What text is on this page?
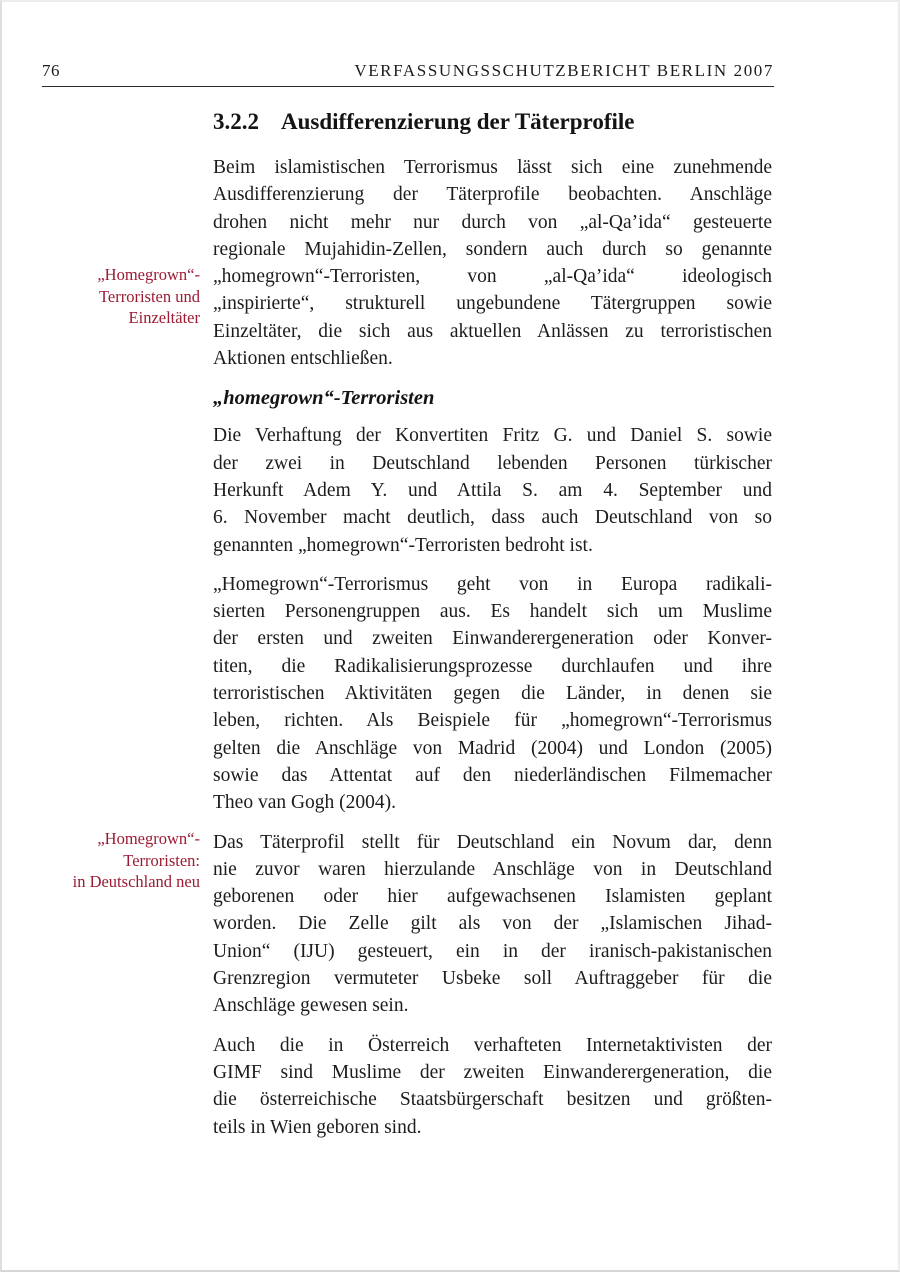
76	VERFASSUNGSSCHUTZBERICHT BERLIN 2007
„Homegrown“-
Terroristen und
Einzeltäter
„Homegrown“-
Terroristen:
in Deutschland neu
3.2.2 Ausdifferenzierung der Täterprofile
Beim islamistischen Terrorismus lässt sich eine zunehmende
Ausdifferenzierung der Täterprofile beobachten. Anschläge
drohen nicht mehr nur durch von „al-Qa’ida“ gesteuerte
regionale Mujahidin-Zellen, sondern auch durch so genannte
„homegrown“-Terroristen, von „al-Qa’ida“ ideologisch
„inspirierte“, strukturell ungebundene Tätergruppen sowie
Einzeltäter, die sich aus aktuellen Anlässen zu terroristischen
Aktionen entschließen.
„homegrown“-Terroristen
Die Verhaftung der Konvertiten Fritz G. und Daniel S. sowie
der zwei in Deutschland lebenden Personen türkischer
Herkunft Adem Y. und Attila S. am 4. September und
6. November macht deutlich, dass auch Deutschland von so
genannten „homegrown“-Terroristen bedroht ist.
„Homegrown“-Terrorismus geht von in Europa radikali-
sierten Personengruppen aus. Es handelt sich um Muslime
der ersten und zweiten Einwanderergeneration oder Konver-
titen, die Radikalisierungsprozesse durchlaufen und ihre
terroristischen Aktivitäten gegen die Länder, in denen sie
leben, richten. Als Beispiele für „homegrown“-Terrorismus
gelten die Anschläge von Madrid (2004) und London (2005)
sowie das Attentat auf den niederländischen Filmemacher
Theo van Gogh (2004).
Das Täterprofil stellt für Deutschland ein Novum dar, denn
nie zuvor waren hierzulande Anschläge von in Deutschland
geborenen oder hier aufgewachsenen Islamisten geplant
worden. Die Zelle gilt als von der „Islamischen Jihad-
Union“ (IJU) gesteuert, ein in der iranisch-pakistanischen
Grenzregion vermuteter Usbeke soll Auftraggeber für die
Anschläge gewesen sein.
Auch die in Österreich verhafteten Internetaktivisten der
GIMF sind Muslime der zweiten Einwanderergeneration, die
die österreichische Staatsbürgerschaft besitzen und größten-
teils in Wien geboren sind.
